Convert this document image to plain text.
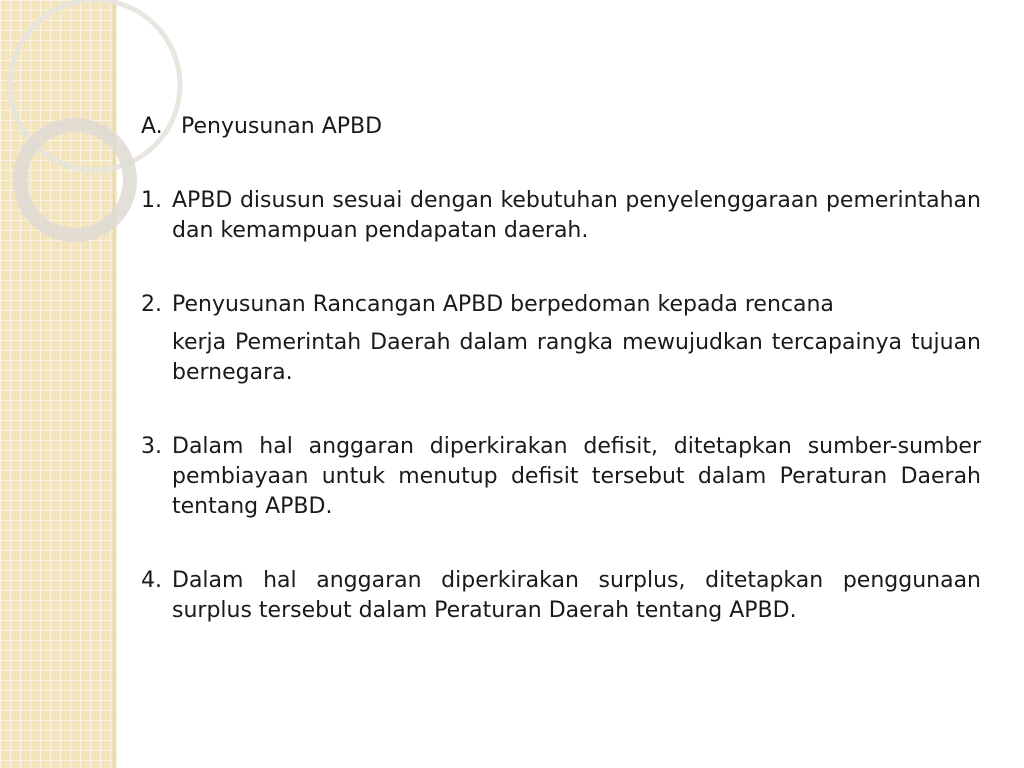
A. Penyusunan APBD
1. APBD disusun sesuai dengan kebutuhan penyelenggaraan pemerintahan dan kemampuan pendapatan daerah.
2. Penyusunan Rancangan APBD berpedoman kepada rencana
kerja Pemerintah Daerah dalam rangka mewujudkan tercapainya tujuan bernegara.
3. Dalam hal anggaran diperkirakan defisit, ditetapkan sumber-sumber pembiayaan untuk menutup defisit tersebut dalam Peraturan Daerah tentang APBD.
4. Dalam hal anggaran diperkirakan surplus, ditetapkan penggunaan surplus tersebut dalam Peraturan Daerah tentang APBD.
